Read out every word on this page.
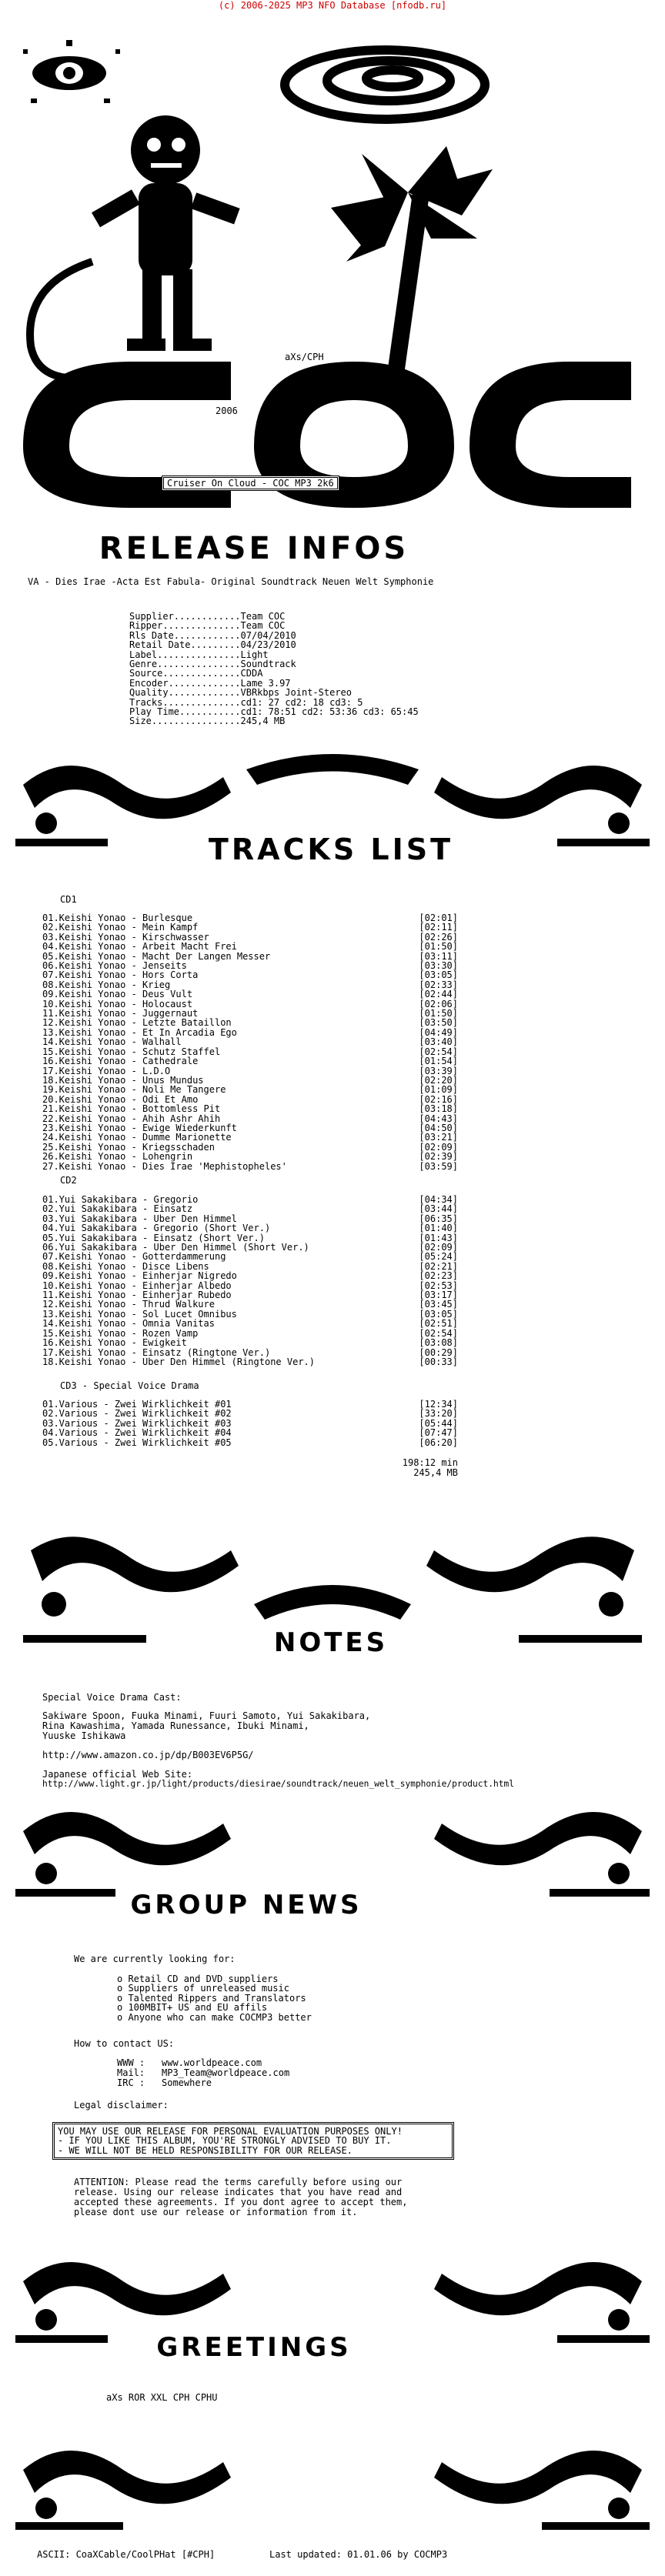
(c) 2006-2025 MP3 NFO Database [nfodb.ru]
aXs/CPH
2006
Cruiser On Cloud - COC MP3 2k6
RELEASE INFOS
VA - Dies Irae -Acta Est Fabula- Original Soundtrack Neuen Welt Symphonie
Supplier............Team COC
Ripper..............Team COC
Rls Date............07/04/2010
Retail Date.........04/23/2010
Label...............Light
Genre...............Soundtrack
Source..............CDDA
Encoder.............Lame 3.97
Quality.............VBRkbps Joint-Stereo
Tracks..............cd1: 27 cd2: 18 cd3: 5
Play Time...........cd1: 78:51 cd2: 53:36 cd3: 65:45
Size................245,4 MB
TRACKS LIST
CD1
01.Keishi Yonao - Burlesque	[02:01]
02.Keishi Yonao - Mein Kampf	[02:11]
03.Keishi Yonao - Kirschwasser	[02:26]
04.Keishi Yonao - Arbeit Macht Frei	[01:50]
05.Keishi Yonao - Macht Der Langen Messer	[03:11]
06.Keishi Yonao - Jenseits	[03:30]
07.Keishi Yonao - Hors Corta	[03:05]
08.Keishi Yonao - Krieg	[02:33]
09.Keishi Yonao - Deus Vult	[02:44]
10.Keishi Yonao - Holocaust	[02:06]
11.Keishi Yonao - Juggernaut	[01:50]
12.Keishi Yonao - Letzte Bataillon	[03:50]
13.Keishi Yonao - Et In Arcadia Ego	[04:49]
14.Keishi Yonao - Walhall	[03:40]
15.Keishi Yonao - Schutz Staffel	[02:54]
16.Keishi Yonao - Cathedrale	[01:54]
17.Keishi Yonao - L.D.O	[03:39]
18.Keishi Yonao - Unus Mundus	[02:20]
19.Keishi Yonao - Noli Me Tangere	[01:09]
20.Keishi Yonao - Odi Et Amo	[02:16]
21.Keishi Yonao - Bottomless Pit	[03:18]
22.Keishi Yonao - Ahih Ashr Ahih	[04:43]
23.Keishi Yonao - Ewige Wiederkunft	[04:50]
24.Keishi Yonao - Dumme Marionette	[03:21]
25.Keishi Yonao - Kriegsschaden	[02:09]
26.Keishi Yonao - Lohengrin	[02:39]
27.Keishi Yonao - Dies Irae 'Mephistopheles'	[03:59]
CD2
01.Yui Sakakibara - Gregorio	[04:34]
02.Yui Sakakibara - Einsatz	[03:44]
03.Yui Sakakibara - Uber Den Himmel	[06:35]
04.Yui Sakakibara - Gregorio (Short Ver.)	[01:40]
05.Yui Sakakibara - Einsatz (Short Ver.)	[01:43]
06.Yui Sakakibara - Uber Den Himmel (Short Ver.)	[02:09]
07.Keishi Yonao - Gotterdammerung	[05:24]
08.Keishi Yonao - Disce Libens	[02:21]
09.Keishi Yonao - Einherjar Nigredo	[02:23]
10.Keishi Yonao - Einherjar Albedo	[02:53]
11.Keishi Yonao - Einherjar Rubedo	[03:17]
12.Keishi Yonao - Thrud Walkure	[03:45]
13.Keishi Yonao - Sol Lucet Omnibus	[03:05]
14.Keishi Yonao - Omnia Vanitas	[02:51]
15.Keishi Yonao - Rozen Vamp	[02:54]
16.Keishi Yonao - Ewigkeit	[03:08]
17.Keishi Yonao - Einsatz (Ringtone Ver.)	[00:29]
18.Keishi Yonao - Uber Den Himmel (Ringtone Ver.)	[00:33]
CD3 - Special Voice Drama
01.Various - Zwei Wirklichkeit #01	[12:34]
02.Various - Zwei Wirklichkeit #02	[33:20]
03.Various - Zwei Wirklichkeit #03	[05:44]
04.Various - Zwei Wirklichkeit #04	[07:47]
05.Various - Zwei Wirklichkeit #05	[06:20]
198:12 min
245,4 MB
NOTES
Special Voice Drama Cast:
Sakiware Spoon, Fuuka Minami, Fuuri Samoto, Yui Sakakibara,
Rina Kawashima, Yamada Runessance, Ibuki Minami,
Yuuske Ishikawa
http://www.amazon.co.jp/dp/B003EV6P5G/
Japanese official Web Site:
http://www.light.gr.jp/light/products/diesirae/soundtrack/neuen_welt_symphonie/product.html
GROUP NEWS
We are currently looking for:
o Retail CD and DVD suppliers
o Suppliers of unreleased music
o Talented Rippers and Translators
o 100MBIT+ US and EU affils
o Anyone who can make COCMP3 better
How to contact US:
WWW : www.worldpeace.com
Mail: MP3_Team@worldpeace.com
IRC : Somewhere
Legal disclaimer:
YOU MAY USE OUR RELEASE FOR PERSONAL EVALUATION PURPOSES ONLY!
- IF YOU LIKE THIS ALBUM, YOU'RE STRONGLY ADVISED TO BUY IT.
- WE WILL NOT BE HELD RESPONSIBILITY FOR OUR RELEASE.
ATTENTION: Please read the terms carefully before using our
release. Using our release indicates that you have read and
accepted these agreements. If you dont agree to accept them,
please dont use our release or information from it.
GREETINGS
aXs ROR XXL CPH CPHU
ASCII: CoaXCable/CoolPHat [#CPH]	Last updated: 01.01.06 by COCMP3
